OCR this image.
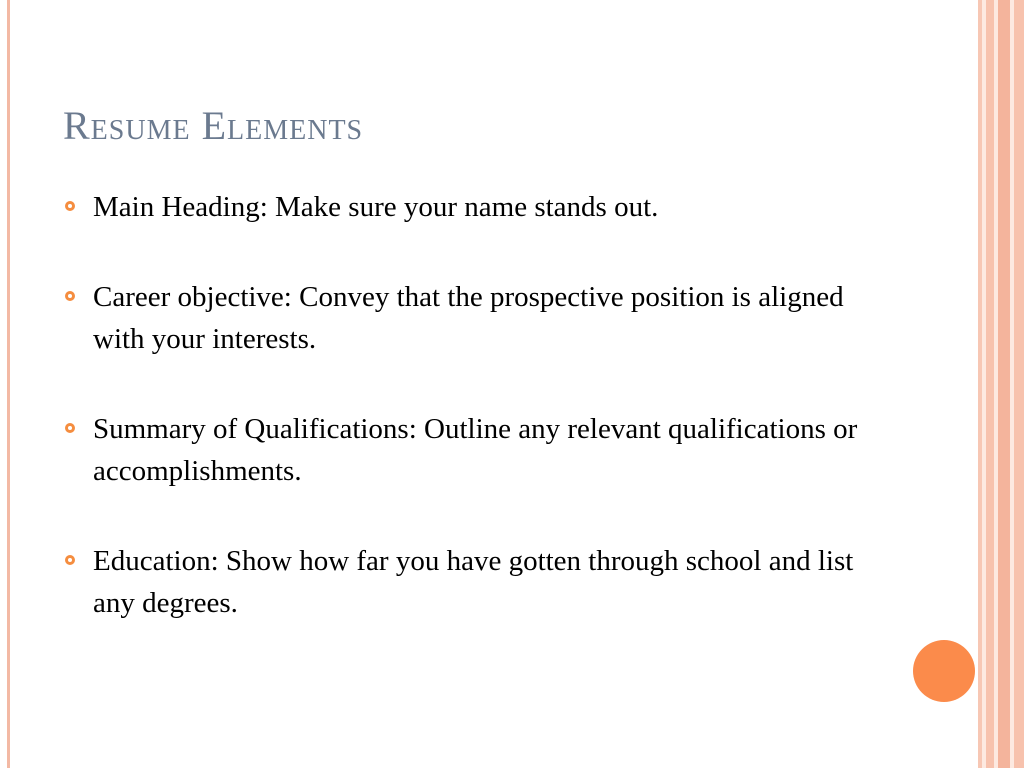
Resume Elements
Main Heading: Make sure your name stands out.
Career objective: Convey that the prospective position is aligned with your interests.
Summary of Qualifications: Outline any relevant qualifications or accomplishments.
Education: Show how far you have gotten through school and list any degrees.
